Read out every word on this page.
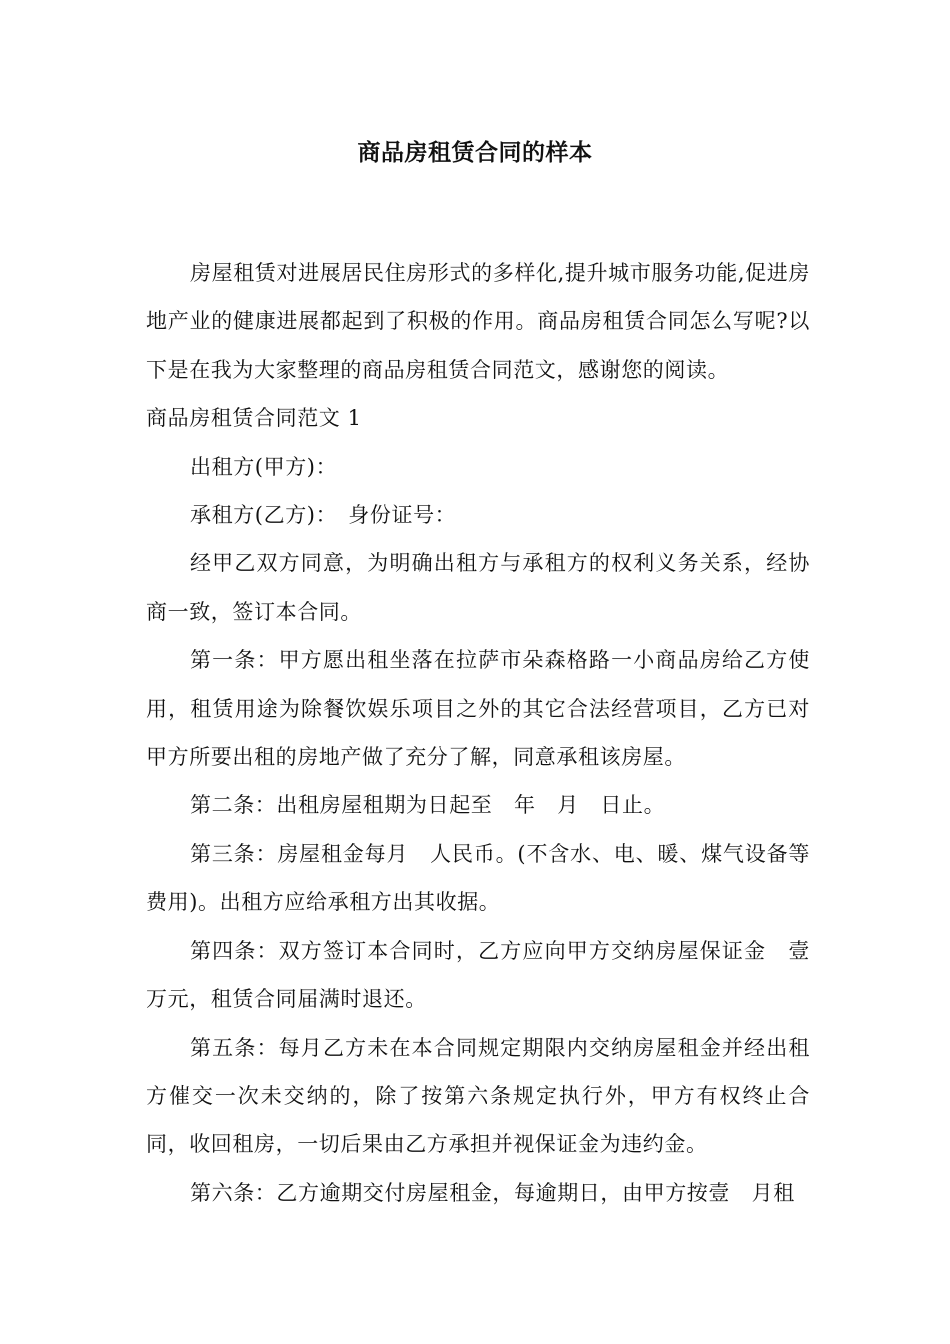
商品房租赁合同的样本

房屋租赁对进展居民住房形式的多样化,提升城市服务功能,促进房地产业的健康进展都起到了积极的作用。商品房租赁合同怎么写呢?以下是在我为大家整理的商品房租赁合同范文，感谢您的阅读。

商品房租赁合同范文 1

出租方(甲方)：

承租方(乙方)：　身份证号：

经甲乙双方同意，为明确出租方与承租方的权利义务关系，经协商一致，签订本合同。

第一条：甲方愿出租坐落在拉萨市朵森格路一小商品房给乙方使用，租赁用途为除餐饮娱乐项目之外的其它合法经营项目，乙方已对甲方所要出租的房地产做了充分了解，同意承租该房屋。

第二条：出租房屋租期为日起至　年　月　日止。

第三条：房屋租金每月　人民币。(不含水、电、暖、煤气设备等费用)。出租方应给承租方出其收据。

第四条：双方签订本合同时，乙方应向甲方交纳房屋保证金　壹万元，租赁合同届满时退还。

第五条：每月乙方未在本合同规定期限内交纳房屋租金并经出租方催交一次未交纳的，除了按第六条规定执行外，甲方有权终止合同，收回租房，一切后果由乙方承担并视保证金为违约金。

第六条：乙方逾期交付房屋租金，每逾期日，由甲方按壹　月租
